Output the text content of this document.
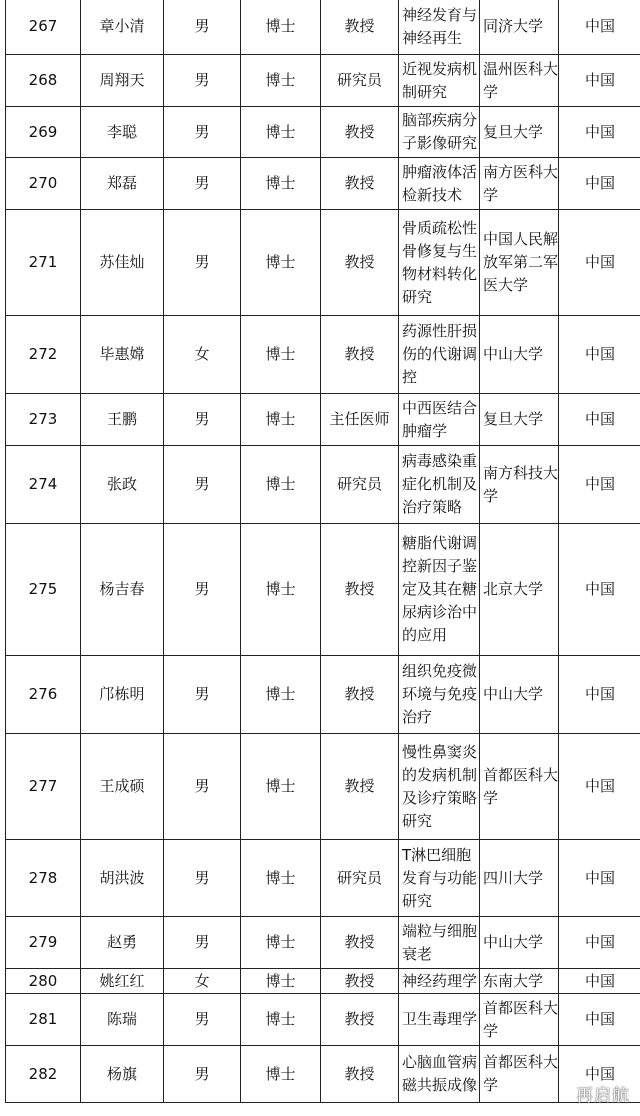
267	章小清	男	博士	教授	神经发育与神经再生	同济大学	中国

268	周翔天	男	博士	研究员	近视发病机制研究	温州医科大学	中国

269	李聪	男	博士	教授	脑部疾病分子影像研究	复旦大学	中国

270	郑磊	男	博士	教授	肿瘤液体活检新技术	南方医科大学	中国

271	苏佳灿	男	博士	教授	骨质疏松性骨修复与生物材料转化研究	中国人民解放军第二军医大学	中国

272	毕惠嫦	女	博士	教授	药源性肝损伤的代谢调控	中山大学	中国

273	王鹏	男	博士	主任医师	中西医结合肿瘤学	复旦大学	中国

274	张政	男	博士	研究员	病毒感染重症化机制及治疗策略	南方科技大学	中国

275	杨吉春	男	博士	教授	糖脂代谢调控新因子鉴定及其在糖尿病诊治中的应用	北京大学	中国

276	邝栋明	男	博士	教授	组织免疫微环境与免疫治疗	中山大学	中国

277	王成硕	男	博士	教授	慢性鼻窦炎的发病机制及诊疗策略研究	首都医科大学	中国

278	胡洪波	男	博士	研究员	T淋巴细胞发育与功能研究	四川大学	中国

279	赵勇	男	博士	教授	端粒与细胞衰老	中山大学	中国

280	姚红红	女	博士	教授	神经药理学	东南大学	中国

281	陈瑞	男	博士	教授	卫生毒理学	首都医科大学	中国

282	杨旗	男	博士	教授	心脑血管病磁共振成像	首都医科大学	中国
再启航
